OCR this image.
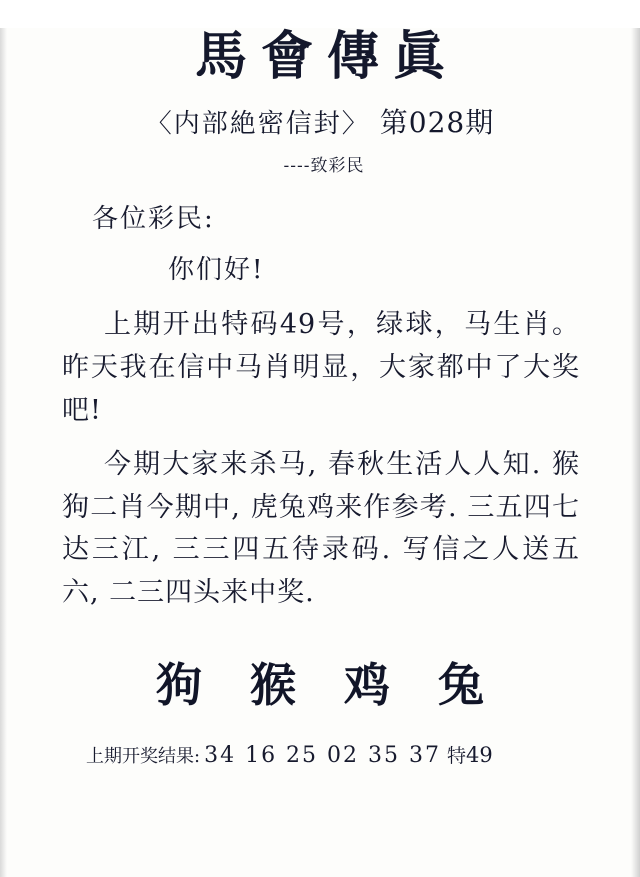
馬會傳眞
〈内部絶密信封〉 第028期
----致彩民
各位彩民:
你们好!

上期开出特码49号，绿球，马生肖。昨天我在信中马肖明显，大家都中了大奖吧!

今期大家来杀马, 春秋生活人人知. 猴狗二肖今期中, 虎兔鸡来作参考. 三五四七达三江, 三三四五待录码. 写信之人送五六, 二三四头来中奖.

狗 猴 鸡 兔
上期开奖结果: 34 16 25 02 35 37 特49
